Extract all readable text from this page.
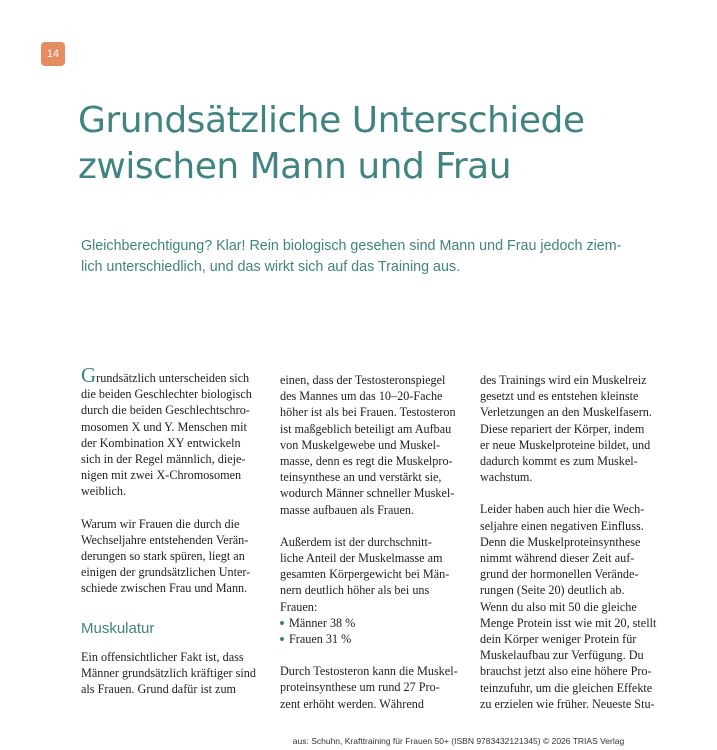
14
Grundsätzliche Unterschiede
zwischen Mann und Frau

Gleichberechtigung? Klar! Rein biologisch gesehen sind Mann und Frau jedoch ziem-
lich unterschiedlich, und das wirkt sich auf das Training aus.

Grundsätzlich unterscheiden sich
die beiden Geschlechter biologisch
durch die beiden Geschlechtschro-
mosomen X und Y. Menschen mit
der Kombination XY entwickeln
sich in der Regel männlich, dieje-
nigen mit zwei X-Chromosomen
weiblich.

Warum wir Frauen die durch die
Wechseljahre entstehenden Verän-
derungen so stark spüren, liegt an
einigen der grundsätzlichen Unter-
schiede zwischen Frau und Mann.

Muskulatur

Ein offensichtlicher Fakt ist, dass
Männer grundsätzlich kräftiger sind
als Frauen. Grund dafür ist zum

einen, dass der Testosteronspiegel
des Mannes um das 10–20-Fache
höher ist als bei Frauen. Testosteron
ist maßgeblich beteiligt am Aufbau
von Muskelgewebe und Muskel-
masse, denn es regt die Muskelpro-
teinsynthese an und verstärkt sie,
wodurch Männer schneller Muskel-
masse aufbauen als Frauen.

Außerdem ist der durchschnitt-
liche Anteil der Muskelmasse am
gesamten Körpergewicht bei Män-
nern deutlich höher als bei uns
Frauen:

Männer 38 %
Frauen 31 %

Durch Testosteron kann die Muskel-
proteinsynthese um rund 27 Pro-
zent erhöht werden. Während

des Trainings wird ein Muskelreiz
gesetzt und es entstehen kleinste
Verletzungen an den Muskelfasern.
Diese repariert der Körper, indem
er neue Muskelproteine bildet, und
dadurch kommt es zum Muskel-
wachstum.

Leider haben auch hier die Wech-
seljahre einen negativen Einfluss.
Denn die Muskelproteinsynthese
nimmt während dieser Zeit auf-
grund der hormonellen Verände-
rungen (Seite 20) deutlich ab.
Wenn du also mit 50 die gleiche
Menge Protein isst wie mit 20, stellt
dein Körper weniger Protein für
Muskelaufbau zur Verfügung. Du
brauchst jetzt also eine höhere Pro-
teinzufuhr, um die gleichen Effekte
zu erzielen wie früher. Neueste Stu-

aus: Schuhn, Krafttraining für Frauen 50+ (ISBN 9783432121345) © 2026 TRIAS Verlag
